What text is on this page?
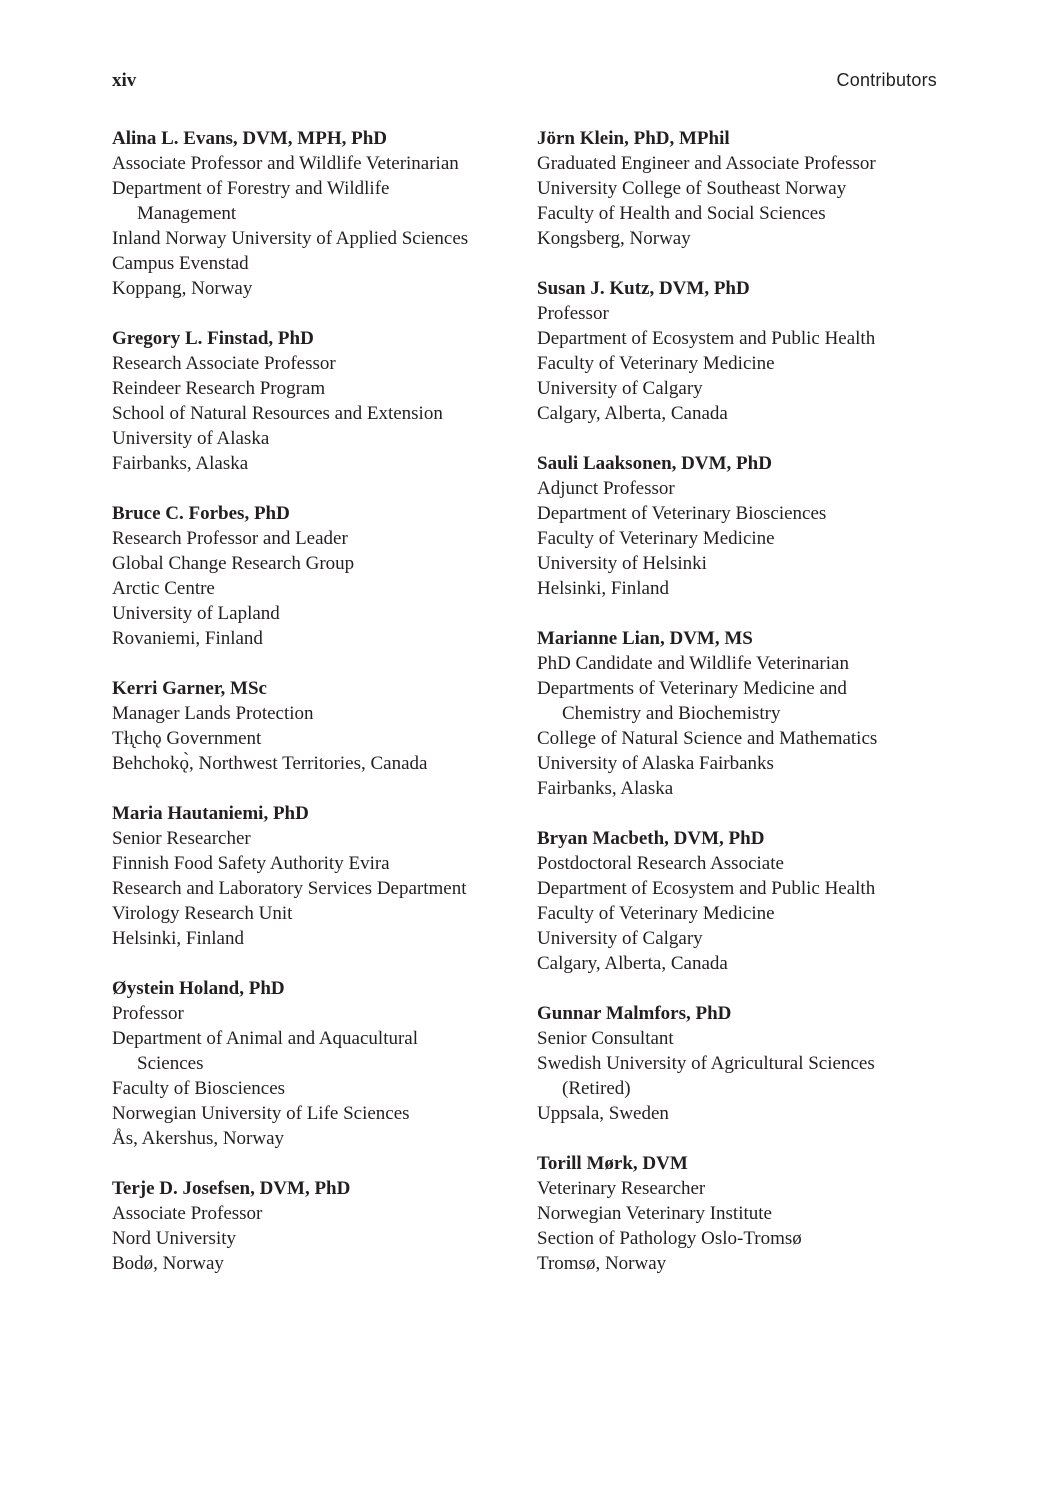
xiv	Contributors
Alina L. Evans, DVM, MPH, PhD
Associate Professor and Wildlife Veterinarian
Department of Forestry and Wildlife
Management
Inland Norway University of Applied Sciences
Campus Evenstad
Koppang, Norway
Gregory L. Finstad, PhD
Research Associate Professor
Reindeer Research Program
School of Natural Resources and Extension
University of Alaska
Fairbanks, Alaska
Bruce C. Forbes, PhD
Research Professor and Leader
Global Change Research Group
Arctic Centre
University of Lapland
Rovaniemi, Finland
Kerri Garner, MSc
Manager Lands Protection
Tłı̨chǫ Government
Behchokǫ̀, Northwest Territories, Canada
Maria Hautaniemi, PhD
Senior Researcher
Finnish Food Safety Authority Evira
Research and Laboratory Services Department
Virology Research Unit
Helsinki, Finland
Øystein Holand, PhD
Professor
Department of Animal and Aquacultural
Sciences
Faculty of Biosciences
Norwegian University of Life Sciences
Ås, Akershus, Norway
Terje D. Josefsen, DVM, PhD
Associate Professor
Nord University
Bodø, Norway
Jörn Klein, PhD, MPhil
Graduated Engineer and Associate Professor
University College of Southeast Norway
Faculty of Health and Social Sciences
Kongsberg, Norway
Susan J. Kutz, DVM, PhD
Professor
Department of Ecosystem and Public Health
Faculty of Veterinary Medicine
University of Calgary
Calgary, Alberta, Canada
Sauli Laaksonen, DVM, PhD
Adjunct Professor
Department of Veterinary Biosciences
Faculty of Veterinary Medicine
University of Helsinki
Helsinki, Finland
Marianne Lian, DVM, MS
PhD Candidate and Wildlife Veterinarian
Departments of Veterinary Medicine and
Chemistry and Biochemistry
College of Natural Science and Mathematics
University of Alaska Fairbanks
Fairbanks, Alaska
Bryan Macbeth, DVM, PhD
Postdoctoral Research Associate
Department of Ecosystem and Public Health
Faculty of Veterinary Medicine
University of Calgary
Calgary, Alberta, Canada
Gunnar Malmfors, PhD
Senior Consultant
Swedish University of Agricultural Sciences
(Retired)
Uppsala, Sweden
Torill Mørk, DVM
Veterinary Researcher
Norwegian Veterinary Institute
Section of Pathology Oslo-Tromsø
Tromsø, Norway
